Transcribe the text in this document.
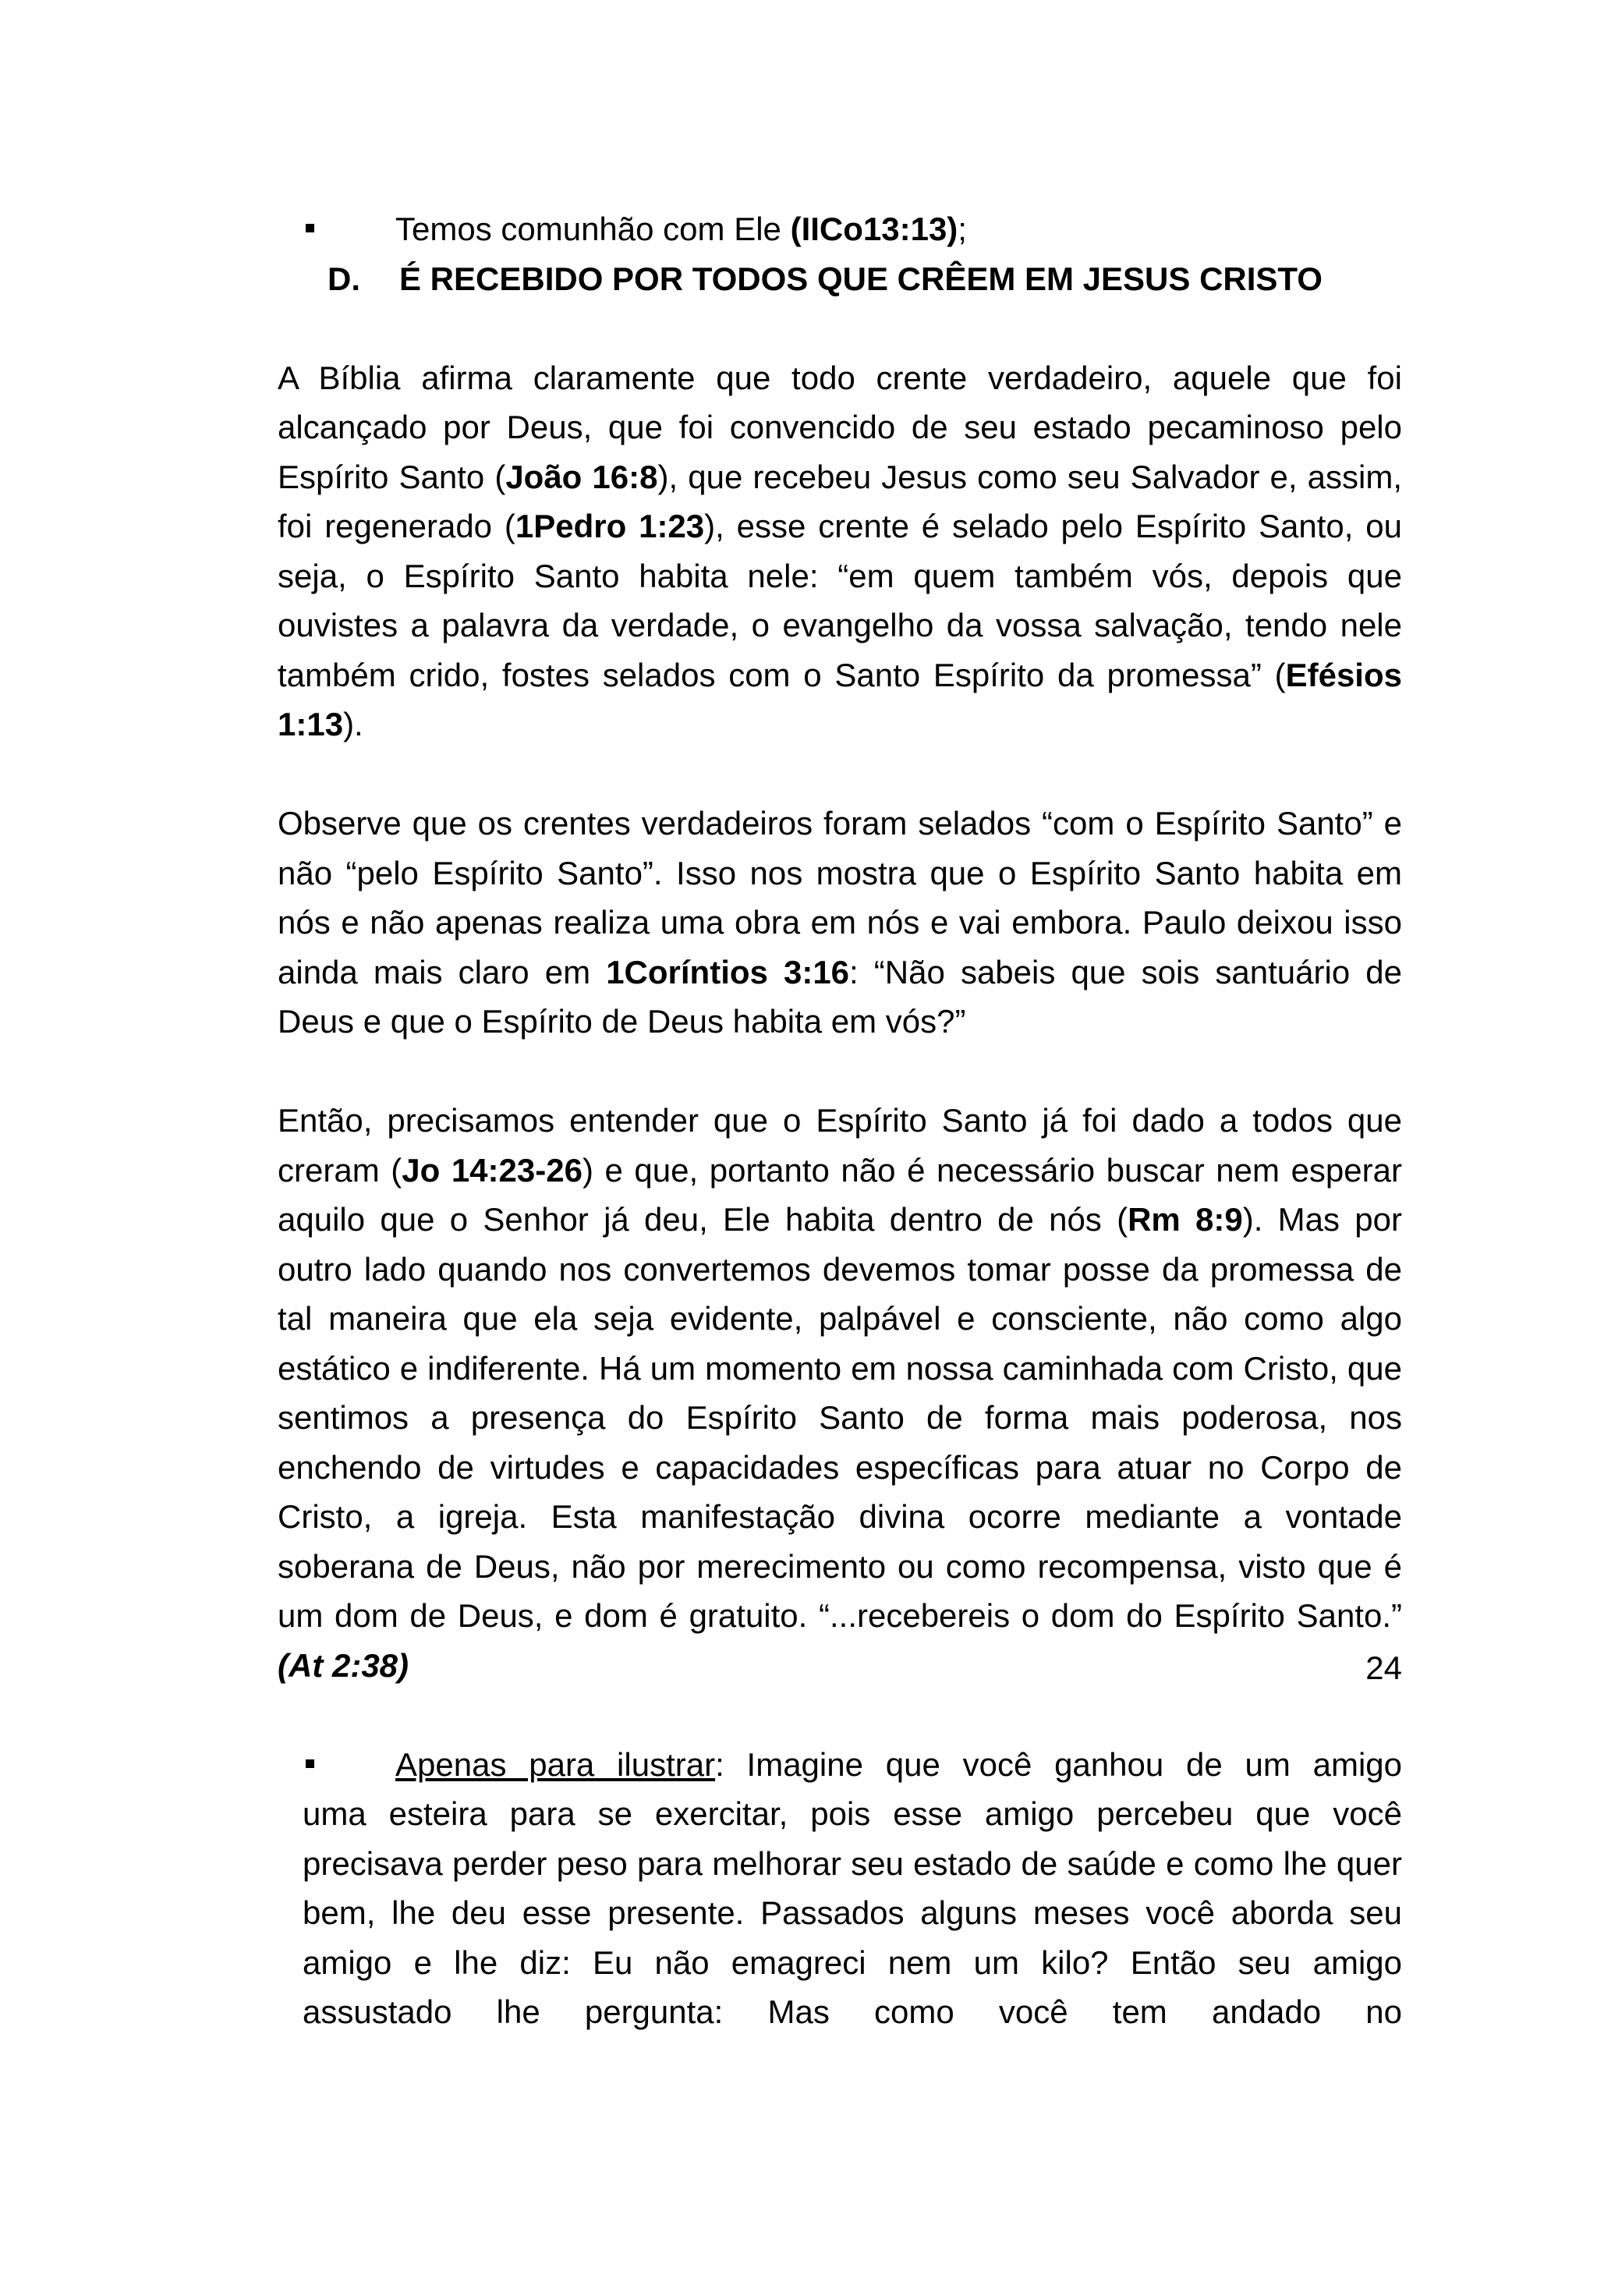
Temos comunhão com Ele (IICo13:13);
D.	É RECEBIDO POR TODOS QUE CRÊEM EM JESUS CRISTO

A Bíblia afirma claramente que todo crente verdadeiro, aquele que foi alcançado por Deus, que foi convencido de seu estado pecaminoso pelo Espírito Santo (João 16:8), que recebeu Jesus como seu Salvador e, assim, foi regenerado (1Pedro 1:23), esse crente é selado pelo Espírito Santo, ou seja, o Espírito Santo habita nele: “em quem também vós, depois que ouvistes a palavra da verdade, o evangelho da vossa salvação, tendo nele também crido, fostes selados com o Santo Espírito da promessa” (Efésios 1:13).

Observe que os crentes verdadeiros foram selados “com o Espírito Santo” e não “pelo Espírito Santo”. Isso nos mostra que o Espírito Santo habita em nós e não apenas realiza uma obra em nós e vai embora. Paulo deixou isso ainda mais claro em 1Coríntios 3:16: “Não sabeis que sois santuário de Deus e que o Espírito de Deus habita em vós?”

Então, precisamos entender que o Espírito Santo já foi dado a todos que creram (Jo 14:23-26) e que, portanto não é necessário buscar nem esperar aquilo que o Senhor já deu, Ele habita dentro de nós (Rm 8:9). Mas por outro lado quando nos convertemos devemos tomar posse da promessa de tal maneira que ela seja evidente, palpável e consciente, não como algo estático e indiferente. Há um momento em nossa caminhada com Cristo, que sentimos a presença do Espírito Santo de forma mais poderosa, nos enchendo de virtudes e capacidades específicas para atuar no Corpo de Cristo, a igreja. Esta manifestação divina ocorre mediante a vontade soberana de Deus, não por merecimento ou como recompensa, visto que é um dom de Deus, e dom é gratuito. “...recebereis o dom do Espírito Santo.” (At 2:38)

Apenas para ilustrar: Imagine que você ganhou de um amigo

uma esteira para se exercitar, pois esse amigo percebeu que você precisava perder peso para melhorar seu estado de saúde e como lhe quer bem, lhe deu esse presente. Passados alguns meses você aborda seu amigo e lhe diz: Eu não emagreci nem um kilo? Então seu amigo assustado lhe pergunta: Mas como você tem andado no

24
